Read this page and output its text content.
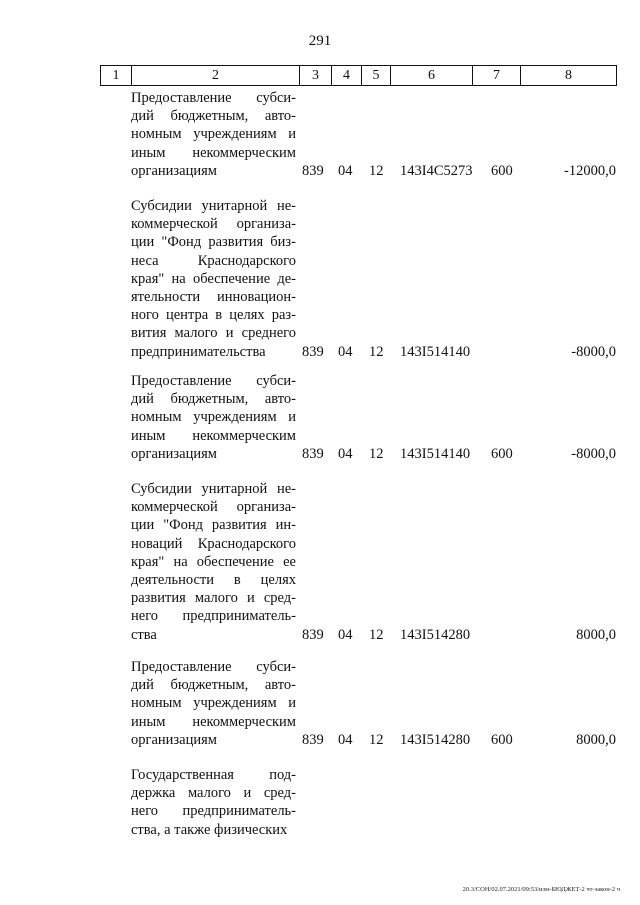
291
1	2	3	4	5	6	7	8
Предоставление субси-
дий бюджетным, авто-
номным учреждениям и
иным некоммерческим
организациям	839 04 12 143I4C5273 600	-12000,0
Субсидии унитарной не-
коммерческой организа-
ции "Фонд развития биз-
неса Краснодарского
края" на обеспечение де-
ятельности инновацион-
ного центра в целях раз-
вития малого и среднего
предпринимательства	839 04 12 143I514140	-8000,0
Предоставление субси-
дий бюджетным, авто-
номным учреждениям и
иным некоммерческим
организациям	839 04 12 143I514140 600	-8000,0
Субсидии унитарной не-
коммерческой организа-
ции "Фонд развития ин-
новаций Краснодарского
края" на обеспечение ее
деятельности в целях
развития малого и сред-
него предприниматель-
ства	839 04 12 143I514280	8000,0
Предоставление субси-
дий бюджетным, авто-
номным учреждениям и
иным некоммерческим
организациям	839 04 12 143I514280 600	8000,0
Государственная под-
держка малого и сред-
него предприниматель-
ства, а также физических
20.3/СОН/02.07.2021/09:53/изм-БЮДЖЕТ-2 чт-закон-2 ч
